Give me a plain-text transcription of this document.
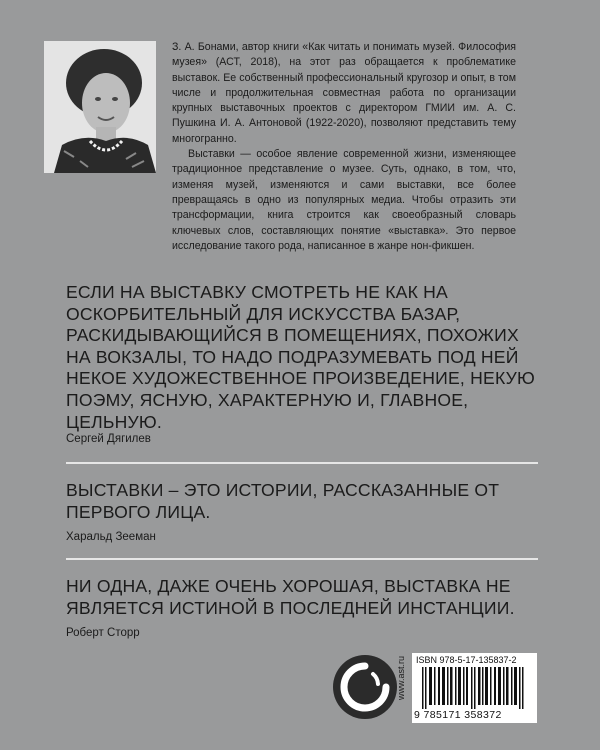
З. А. Бонами, автор книги «Как читать и понимать музей. Философия музея» (АСТ, 2018), на этот раз обращается к проблематике выставок. Ее собственный профессиональный кругозор и опыт, в том числе и продолжительная совместная работа по организации крупных выставочных проектов с директором ГМИИ им. А. С. Пушкина И. А. Антоновой (1922-2020), позволяют представить тему многогранно.

Выставки — особое явление современной жизни, изменяющее традиционное представление о музее. Суть, однако, в том, что, изменяя музей, изменяются и сами выставки, все более превращаясь в одно из популярных медиа. Чтобы отразить эти трансформации, книга строится как своеобразный словарь ключевых слов, составляющих понятие «выставка». Это первое исследование такого рода, написанное в жанре нон-фикшен.

ЕСЛИ НА ВЫСТАВКУ СМОТРЕТЬ НЕ КАК НА ОСКОРБИТЕЛЬНЫЙ ДЛЯ ИСКУССТВА БАЗАР, РАСКИДЫВАЮЩИЙСЯ В ПОМЕЩЕНИЯХ, ПОХОЖИХ НА ВОКЗАЛЫ, ТО НАДО ПОДРАЗУМЕВАТЬ ПОД НЕЙ НЕКОЕ ХУДОЖЕСТВЕННОЕ ПРОИЗВЕДЕНИЕ, НЕКУЮ ПОЭМУ, ЯСНУЮ, ХАРАКТЕРНУЮ И, ГЛАВНОЕ, ЦЕЛЬНУЮ.

Сергей Дягилев

ВЫСТАВКИ – ЭТО ИСТОРИИ, РАССКАЗАННЫЕ ОТ ПЕРВОГО ЛИЦА.

Харальд Зееман

НИ ОДНА, ДАЖЕ ОЧЕНЬ ХОРОШАЯ, ВЫСТАВКА НЕ ЯВЛЯЕТСЯ ИСТИНОЙ В ПОСЛЕДНЕЙ ИНСТАНЦИИ.

Роберт Сторр

www.ast.ru ISBN 978-5-17-135837-2
9 785171 358372
